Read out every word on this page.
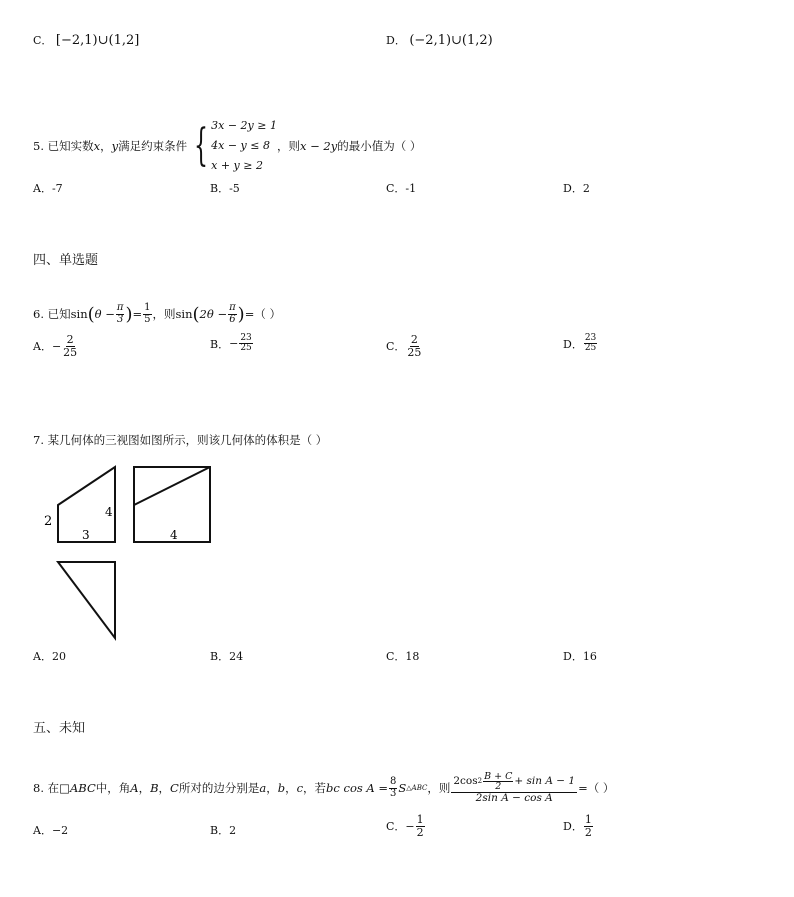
C． [−2,1)∪(1,2]	D． (−2,1)∪(1,2)
5. 已知实数 x ， y 满足约束条件 { 3x − 2y ≥ 1
4x − y ≤ 8
x + y ≥ 2
，则 x − 2y 的最小值为（ ）
A．-7	B．-5	C．-1	D．2
四、单选题
6. 已知 sin ( $\theta - \frac{\pi}{3}$ ) = $\frac{1}{5}$ ，则 sin ( $2\theta - \frac{\pi}{6}$ ) =（ ）
A． − $\frac{2}{25}$	B． − $\frac{23}{25}$	C． $\frac{2}{25}$	D． $\frac{23}{25}$
7. 某几何体的三视图如图所示，则该几何体的体积是（ ）
2
3
4
4
A．20	B．24	C．18	D．16
五、未知
8. 在 □ABC 中，角 A ， B ， C 所对的边分别是 a ， b ， c ，若 bc $\cos A = \frac{8}{3}$ S △ABC ，则 $\frac{2\cos 2 \frac{B + C}{2} + \sin A - 1}{\text{2sin A − cos A}}$ =（ ）
A．−2	B．2	C． − $\frac{1}{2}$	D． $\frac{1}{2}$
